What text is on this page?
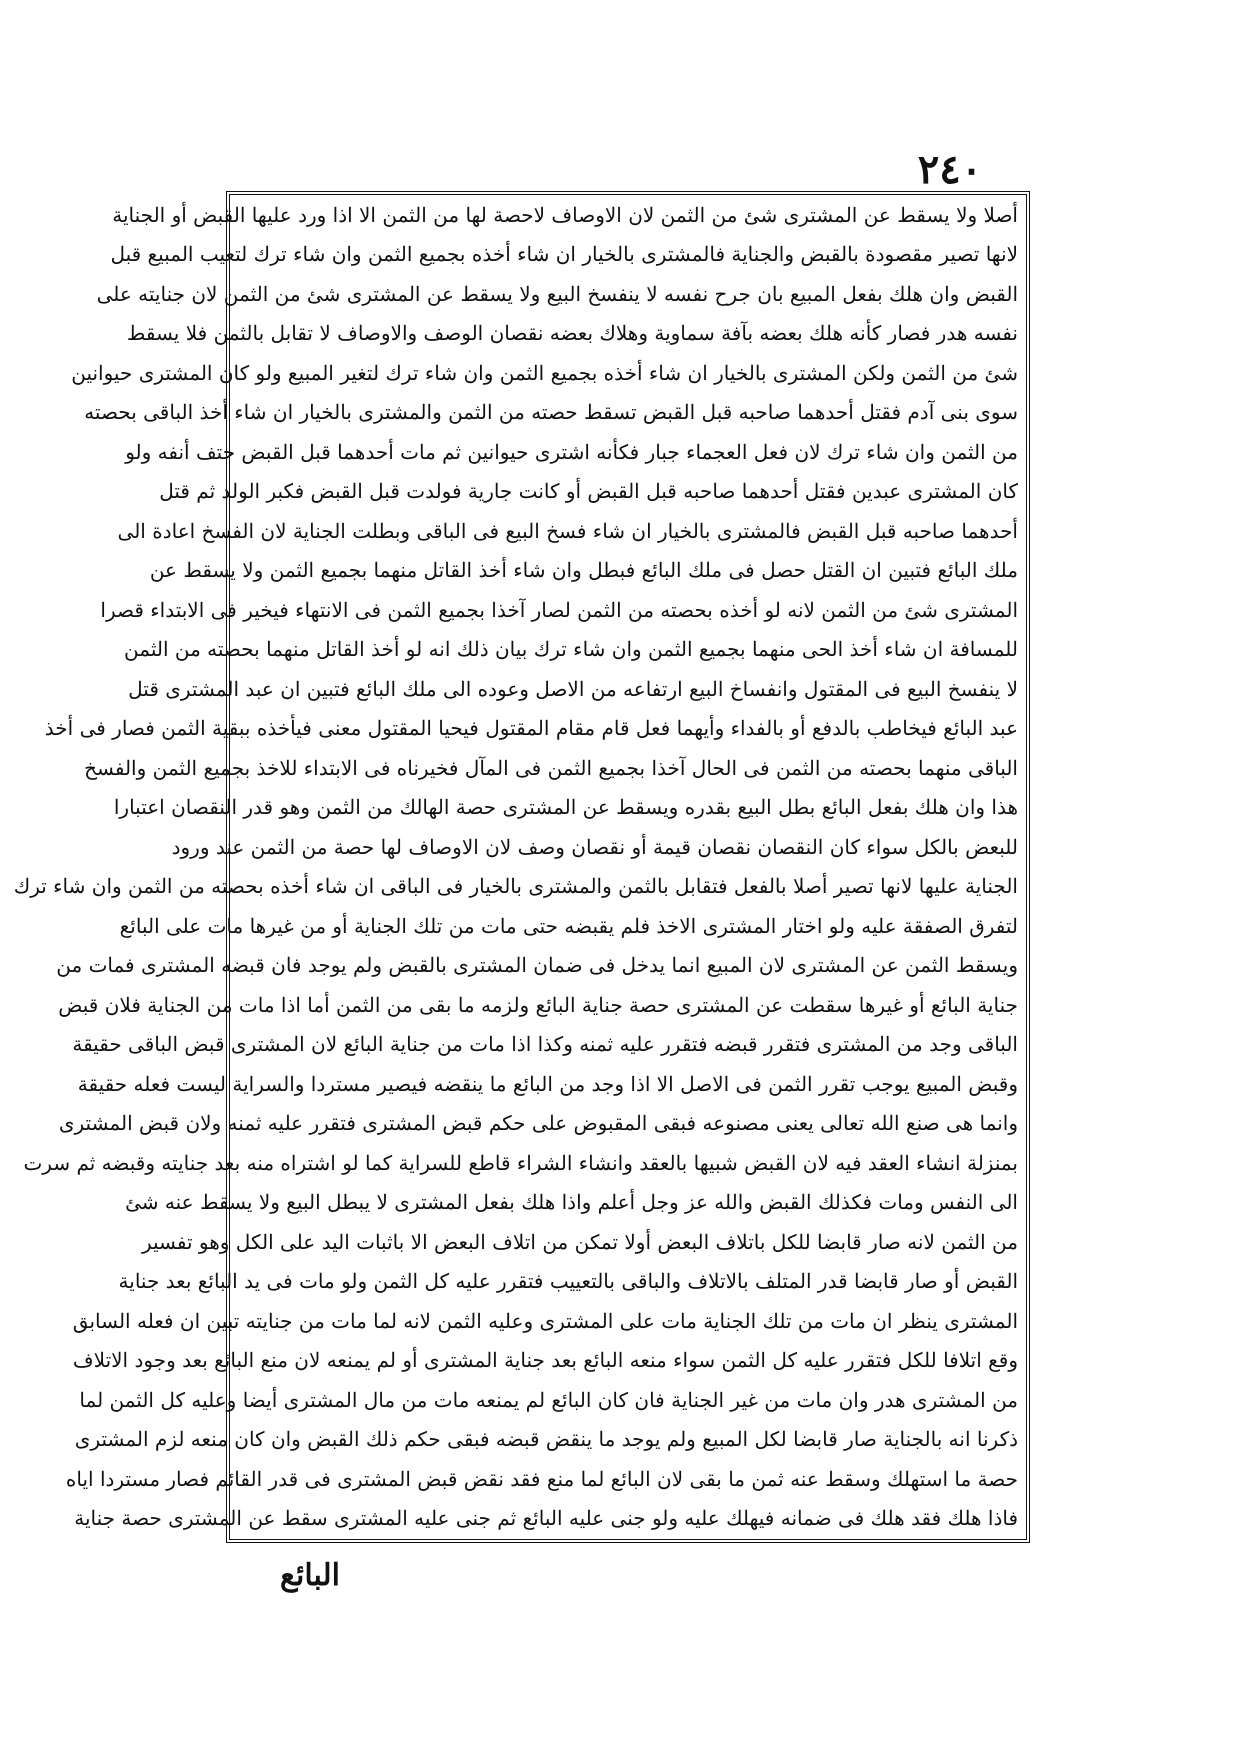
٢٤٠
أصلا ولا يسقط عن المشترى شئ من الثمن لان الاوصاف لاحصة لها من الثمن الا اذا ورد عليها القبض أو الجناية
لانها تصير مقصودة بالقبض والجناية فالمشترى بالخيار ان شاء أخذه بجميع الثمن وان شاء ترك لتعيب المبيع قبل
القبض وان هلك بفعل المبيع بان جرح نفسه لا ينفسخ البيع ولا يسقط عن المشترى شئ من الثمن لان جنايته على
نفسه هدر فصار كأنه هلك بعضه بآفة سماوية وهلاك بعضه نقصان الوصف والاوصاف لا تقابل بالثمن فلا يسقط
شئ من الثمن ولكن المشترى بالخيار ان شاء أخذه بجميع الثمن وان شاء ترك لتغير المبيع ولو كان المشترى حيوانين
سوى بنى آدم فقتل أحدهما صاحبه قبل القبض تسقط حصته من الثمن والمشترى بالخيار ان شاء أخذ الباقى بحصته
من الثمن وان شاء ترك لان فعل العجماء جبار فكأنه اشترى حيوانين ثم مات أحدهما قبل القبض حتف أنفه ولو
كان المشترى عبدين فقتل أحدهما صاحبه قبل القبض أو كانت جارية فولدت قبل القبض فكبر الولد ثم قتل
أحدهما صاحبه قبل القبض فالمشترى بالخيار ان شاء فسخ البيع فى الباقى وبطلت الجناية لان الفسخ اعادة الى
ملك البائع فتبين ان القتل حصل فى ملك البائع فبطل وان شاء أخذ القاتل منهما بجميع الثمن ولا يسقط عن
المشترى شئ من الثمن لانه لو أخذه بحصته من الثمن لصار آخذا بجميع الثمن فى الانتهاء فيخير فى الابتداء قصرا
للمسافة ان شاء أخذ الحى منهما بجميع الثمن وان شاء ترك بيان ذلك انه لو أخذ القاتل منهما بحصته من الثمن
لا ينفسخ البيع فى المقتول وانفساخ البيع ارتفاعه من الاصل وعوده الى ملك البائع فتبين ان عبد المشترى قتل
عبد البائع فيخاطب بالدفع أو بالفداء وأيهما فعل قام مقام المقتول فيحيا المقتول معنى فيأخذه ببقية الثمن فصار فى أخذ
الباقى منهما بحصته من الثمن فى الحال آخذا بجميع الثمن فى المآل فخيرناه فى الابتداء للاخذ بجميع الثمن والفسخ
هذا وان هلك بفعل البائع بطل البيع بقدره ويسقط عن المشترى حصة الهالك من الثمن وهو قدر النقصان اعتبارا
للبعض بالكل سواء كان النقصان نقصان قيمة أو نقصان وصف لان الاوصاف لها حصة من الثمن عند ورود
الجناية عليها لانها تصير أصلا بالفعل فتقابل بالثمن والمشترى بالخيار فى الباقى ان شاء أخذه بحصته من الثمن وان شاء ترك
لتفرق الصفقة عليه ولو اختار المشترى الاخذ فلم يقبضه حتى مات من تلك الجناية أو من غيرها مات على البائع
ويسقط الثمن عن المشترى لان المبيع انما يدخل فى ضمان المشترى بالقبض ولم يوجد فان قبضه المشترى فمات من
جناية البائع أو غيرها سقطت عن المشترى حصة جناية البائع ولزمه ما بقى من الثمن أما اذا مات من الجناية فلان قبض
الباقى وجد من المشترى فتقرر قبضه فتقرر عليه ثمنه وكذا اذا مات من جناية البائع لان المشترى قبض الباقى حقيقة
وقبض المبيع يوجب تقرر الثمن فى الاصل الا اذا وجد من البائع ما ينقضه فيصير مستردا والسراية ليست فعله حقيقة
وانما هى صنع الله تعالى يعنى مصنوعه فبقى المقبوض على حكم قبض المشترى فتقرر عليه ثمنه ولان قبض المشترى
بمنزلة انشاء العقد فيه لان القبض شبيها بالعقد وانشاء الشراء قاطع للسراية كما لو اشتراه منه بعد جنايته وقبضه ثم سرت
الى النفس ومات فكذلك القبض والله عز وجل أعلم واذا هلك بفعل المشترى لا يبطل البيع ولا يسقط عنه شئ
من الثمن لانه صار قابضا للكل باتلاف البعض أولا تمكن من اتلاف البعض الا باثبات اليد على الكل وهو تفسير
القبض أو صار قابضا قدر المتلف بالاتلاف والباقى بالتعييب فتقرر عليه كل الثمن ولو مات فى يد البائع بعد جناية
المشترى ينظر ان مات من تلك الجناية مات على المشترى وعليه الثمن لانه لما مات من جنايته تبين ان فعله السابق
وقع اتلافا للكل فتقرر عليه كل الثمن سواء منعه البائع بعد جناية المشترى أو لم يمنعه لان منع البائع بعد وجود الاتلاف
من المشترى هدر وان مات من غير الجناية فان كان البائع لم يمنعه مات من مال المشترى أيضا وعليه كل الثمن لما
ذكرنا انه بالجناية صار قابضا لكل المبيع ولم يوجد ما ينقض قبضه فبقى حكم ذلك القبض وان كان منعه لزم المشترى
حصة ما استهلك وسقط عنه ثمن ما بقى لان البائع لما منع فقد نقض قبض المشترى فى قدر القائم فصار مستردا اياه
فاذا هلك فقد هلك فى ضمانه فيهلك عليه ولو جنى عليه البائع ثم جنى عليه المشترى سقط عن المشترى حصة جناية
البائع
